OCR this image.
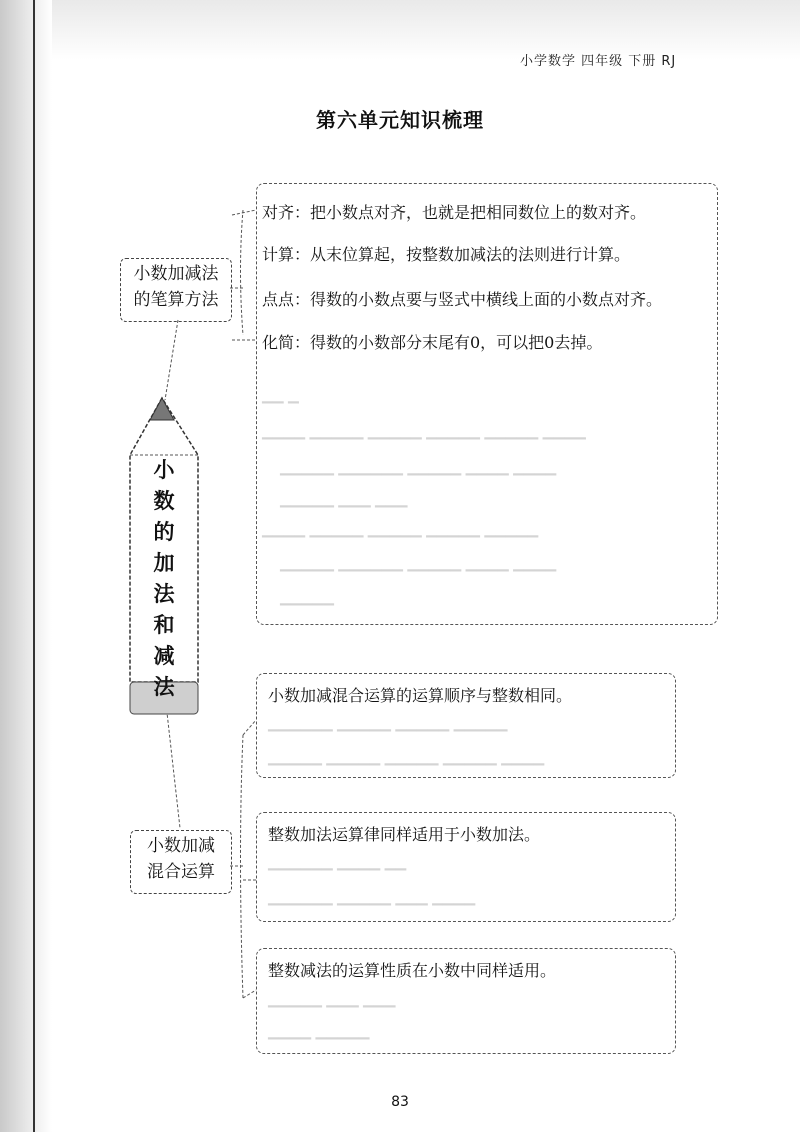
小学数学 四年级 下册 RJ
第六单元知识梳理
小
数
的
加
法
和
减
法
小数加减法
的笔算方法
对齐：把小数点对齐，也就是把相同数位上的数对齐。
计算：从末位算起，按整数加减法的法则进行计算。
点点：得数的小数点要与竖式中横线上面的小数点对齐。
化简：得数的小数部分末尾有0，可以把0去掉。
▁▁ ▁
▁▁▁▁ ▁▁▁▁▁ ▁▁▁▁▁ ▁▁▁▁▁ ▁▁▁▁▁ ▁▁▁▁
▁▁▁▁▁ ▁▁▁▁▁▁ ▁▁▁▁▁ ▁▁▁▁ ▁▁▁▁
▁▁▁▁▁ ▁▁▁ ▁▁▁
▁▁▁▁ ▁▁▁▁▁ ▁▁▁▁▁ ▁▁▁▁▁ ▁▁▁▁▁
▁▁▁▁▁ ▁▁▁▁▁▁ ▁▁▁▁▁ ▁▁▁▁ ▁▁▁▁
▁▁▁▁▁
小数加减
混合运算
小数加减混合运算的运算顺序与整数相同。
▁▁▁▁▁▁ ▁▁▁▁▁ ▁▁▁▁▁ ▁▁▁▁▁
▁▁▁▁▁ ▁▁▁▁▁ ▁▁▁▁▁ ▁▁▁▁▁ ▁▁▁▁
整数加法运算律同样适用于小数加法。
▁▁▁▁▁▁ ▁▁▁▁ ▁▁
▁▁▁▁▁▁ ▁▁▁▁▁ ▁▁▁ ▁▁▁▁
整数减法的运算性质在小数中同样适用。
▁▁▁▁▁ ▁▁▁ ▁▁▁
▁▁▁▁ ▁▁▁▁▁
83
